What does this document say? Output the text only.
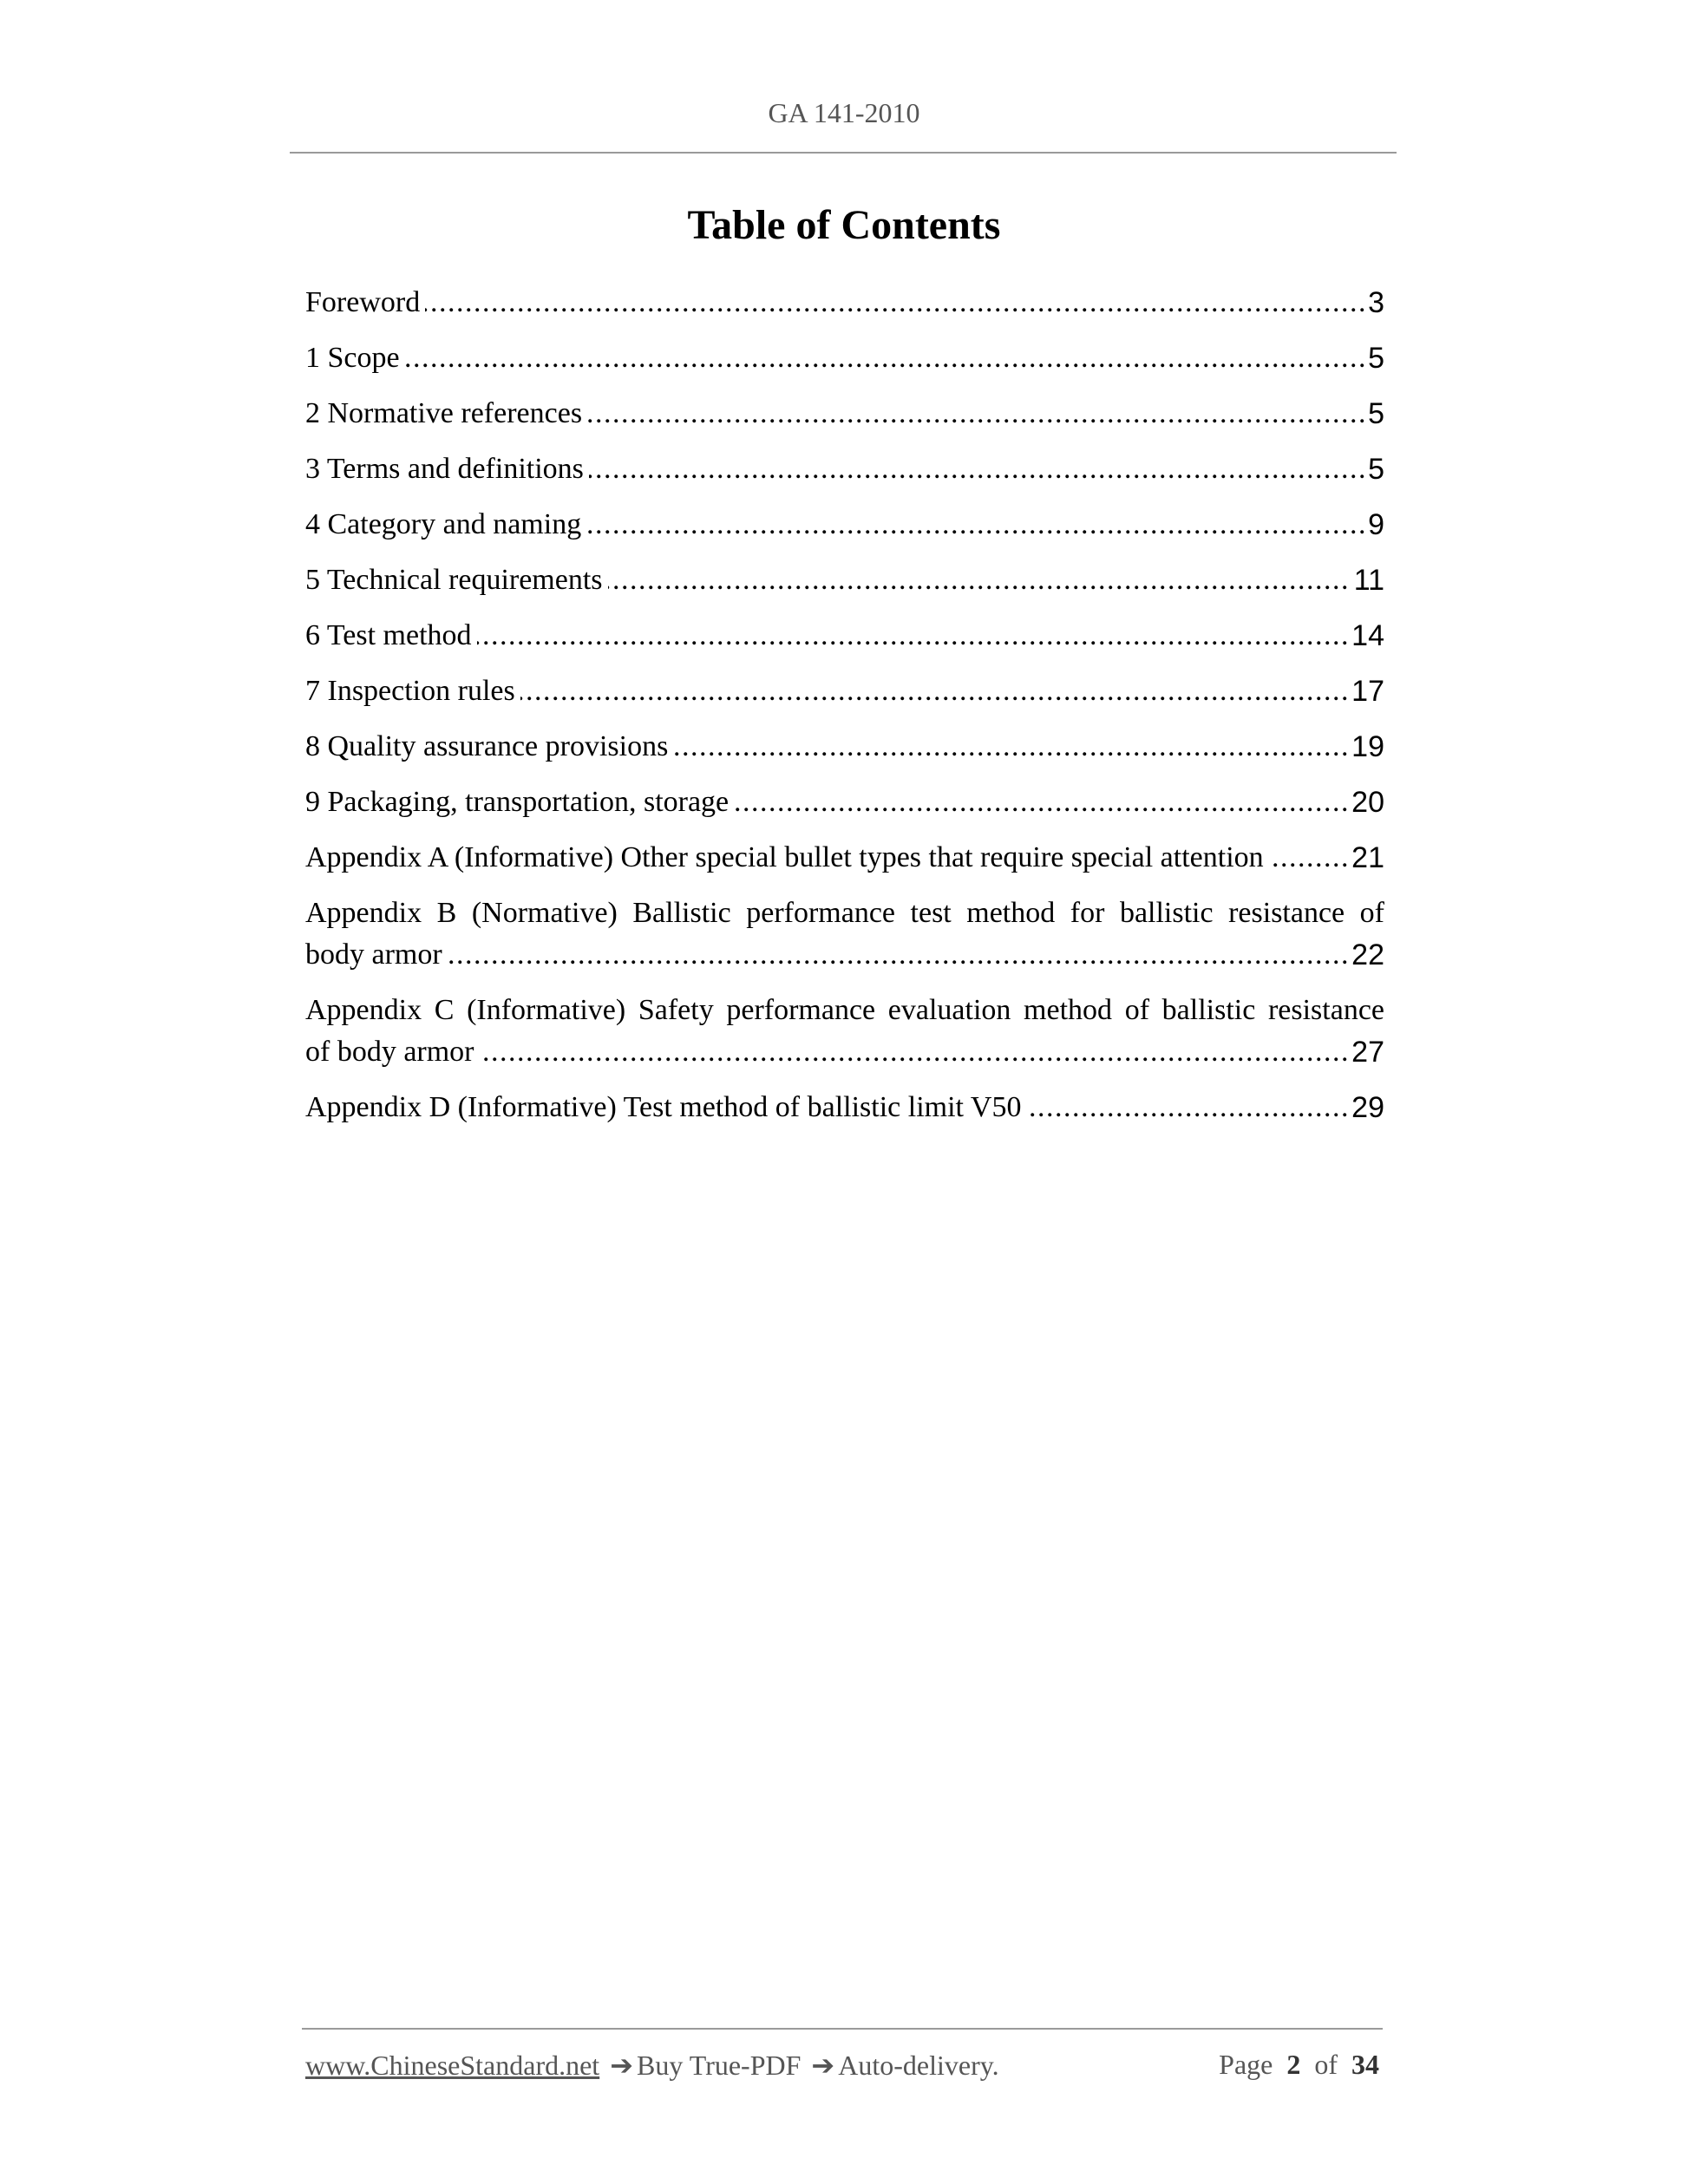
GA 141-2010
Table of Contents
3
Foreword .....
5
1 Scope .....
5
2 Normative references .....
5
3 Terms and definitions .....
9
4 Category and naming .....
11
5 Technical requirements .....
14
6 Test method .....
17
7 Inspection rules .....
19
8 Quality assurance provisions .....
20
9 Packaging, transportation, storage .....
21
Appendix A (Informative) Other special bullet types that require special attention .....
Appendix B (Normative) Ballistic performance test method for ballistic resistance of
22
body armor .....
Appendix C (Informative) Safety performance evaluation method of ballistic resistance
27
of body armor .....
29
Appendix D (Informative) Test method of ballistic limit V50 .....
www.ChineseStandard.net ➔ Buy True-PDF ➔ Auto-delivery.	Page 2 of 34
